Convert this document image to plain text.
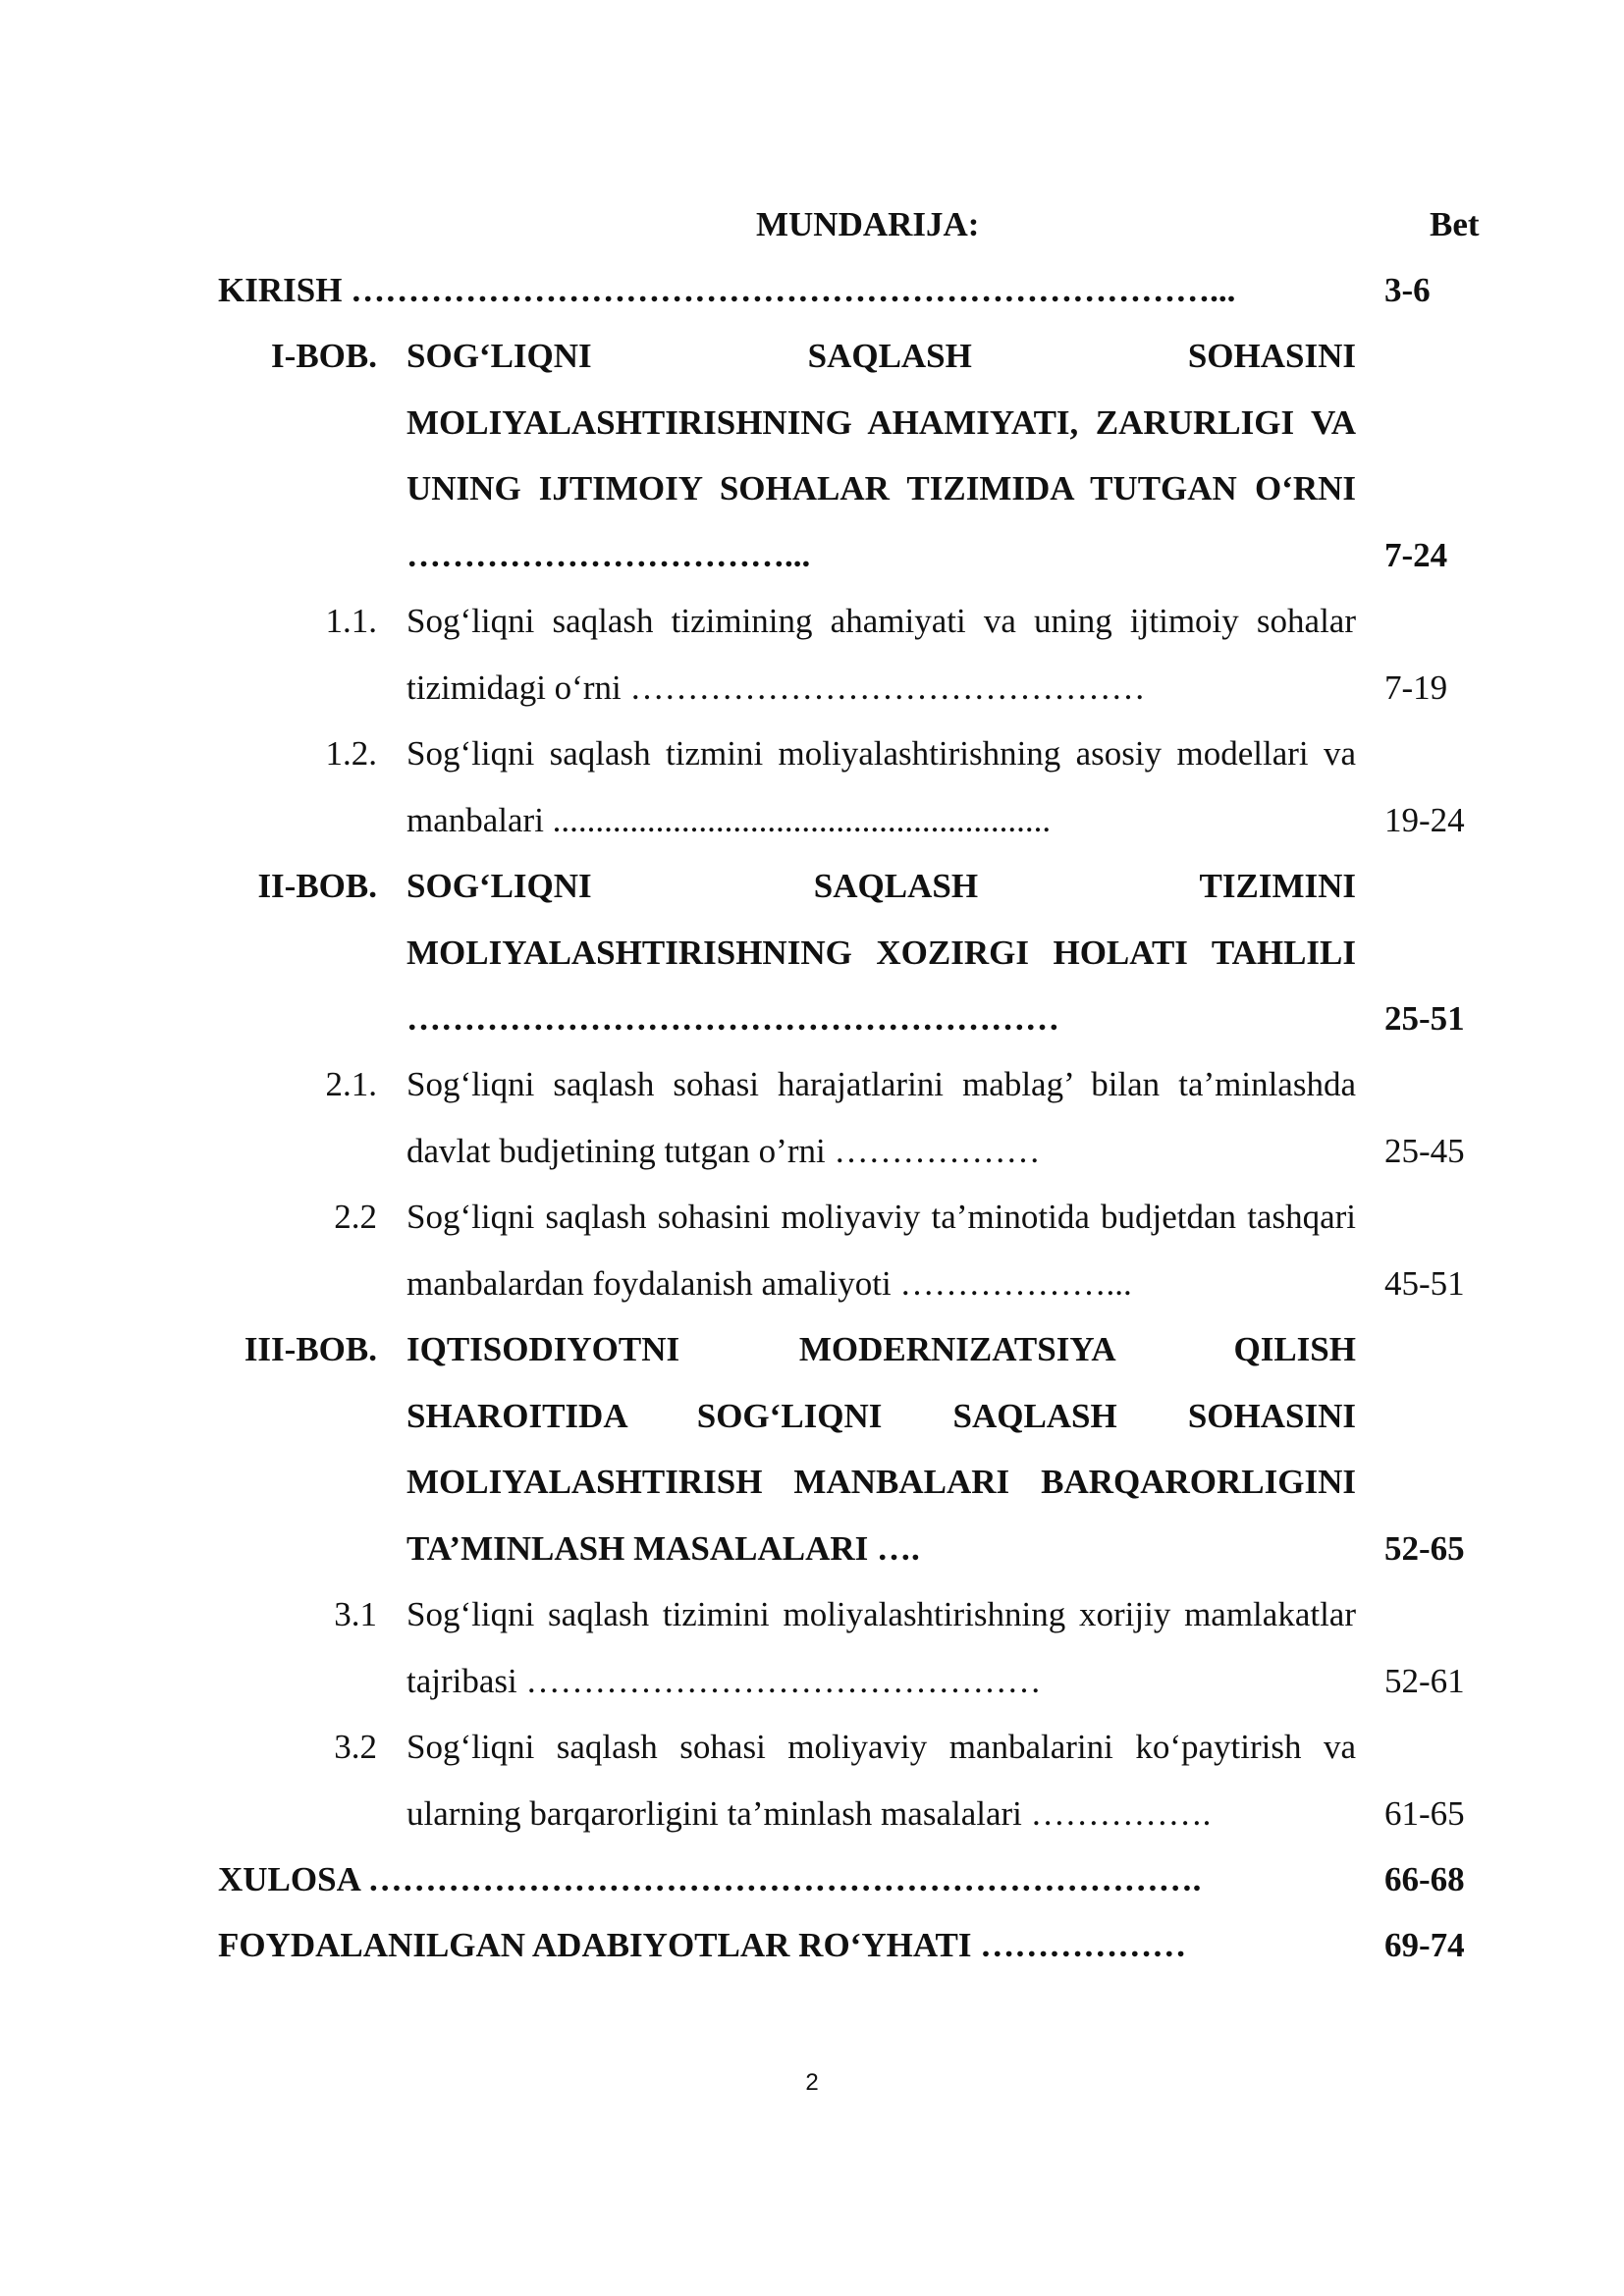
MUNDARIJA:	Bet
KIRISH …………………………………………………………………...	3-6
I-BOB. SOG‘LIQNI SAQLASH SOHASINI MOLIYALASHTIRISHNING AHAMIYATI, ZARURLIGI VA UNING IJTIMOIY SOHALAR TIZIMIDA TUTGAN O‘RNI ……………………………...	7-24
1.1. Sog‘liqni saqlash tizimining ahamiyati va uning ijtimoiy sohalar tizimidagi o‘rni ………………………………………	7-19
1.2. Sog‘liqni saqlash tizmini moliyalashtirishning asosiy modellari va manbalari ..........................................................	19-24
II-BOB. SOG‘LIQNI SAQLASH TIZIMINI MOLIYALASHTIRISHNING XOZIRGI HOLATI TAHLILI …………………………………………………	25-51
2.1. Sog‘liqni saqlash sohasi harajatlarini mablag’ bilan ta’minlashda davlat budjetining tutgan o’rni ………………	25-45
2.2 Sog‘liqni saqlash sohasini moliyaviy ta’minotida budjetdan tashqari manbalardan foydalanish amaliyoti ………………...	45-51
III-BOB. IQTISODIYOTNI MODERNIZATSIYA QILISH SHAROITIDA SOG‘LIQNI SAQLASH SOHASINI MOLIYALASHTIRISH MANBALARI BARQARORLIGINI TA’MINLASH MASALALARI ….	52-65
3.1 Sog‘liqni saqlash tizimini moliyalashtirishning xorijiy mamlakatlar tajribasi ………………………………………	52-61
3.2 Sog‘liqni saqlash sohasi moliyaviy manbalarini ko‘paytirish va ularning barqarorligini ta’minlash masalalari …………….	61-65
XULOSA ……………………………………………………………….	66-68
FOYDALANILGAN ADABIYOTLAR RO‘YHATI ………………	69-74
2
